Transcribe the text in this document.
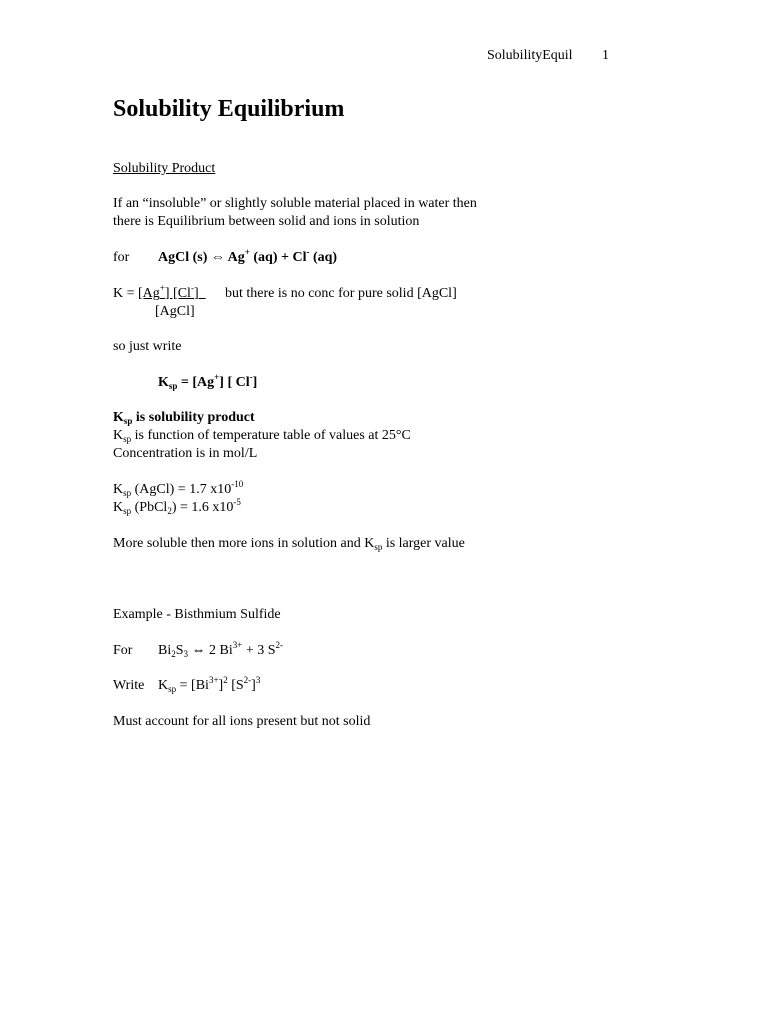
SolubilityEquil 1
Solubility Equilibrium
Solubility Product
If an “insoluble” or slightly soluble material placed in water then
there is Equilibrium between solid and ions in solution
for AgCl (s) ⇔ Ag+ (aq) + Cl- (aq)
K = [Ag+] [Cl-]	but there is no conc for pure solid [AgCl]
[AgCl]
so just write
$K_{sp} = [Ag^+]$ [ Cl-]
$K_{sp}$ is solubility product
$K_{sp}$ is function of temperature table of values at 25°C
Concentration is in mol/L
$K_{sp}$ (AgCl) = 1.7 $x10^{-10}$
$K_{sp}$ (PbCl$_2$) = 1.6 $x10^{-5}$
More soluble then more ions in solution and $K_{sp}$ is larger value
Example - Bisthmium Sulfide
For $Bi_2S_3$ ⇔ 2 $Bi^{3+} + 3$ $S^{2-}$
Write $K_{sp} = [Bi^{3+}]^2$ $[S^{2-}]^3$
Must account for all ions present but not solid
